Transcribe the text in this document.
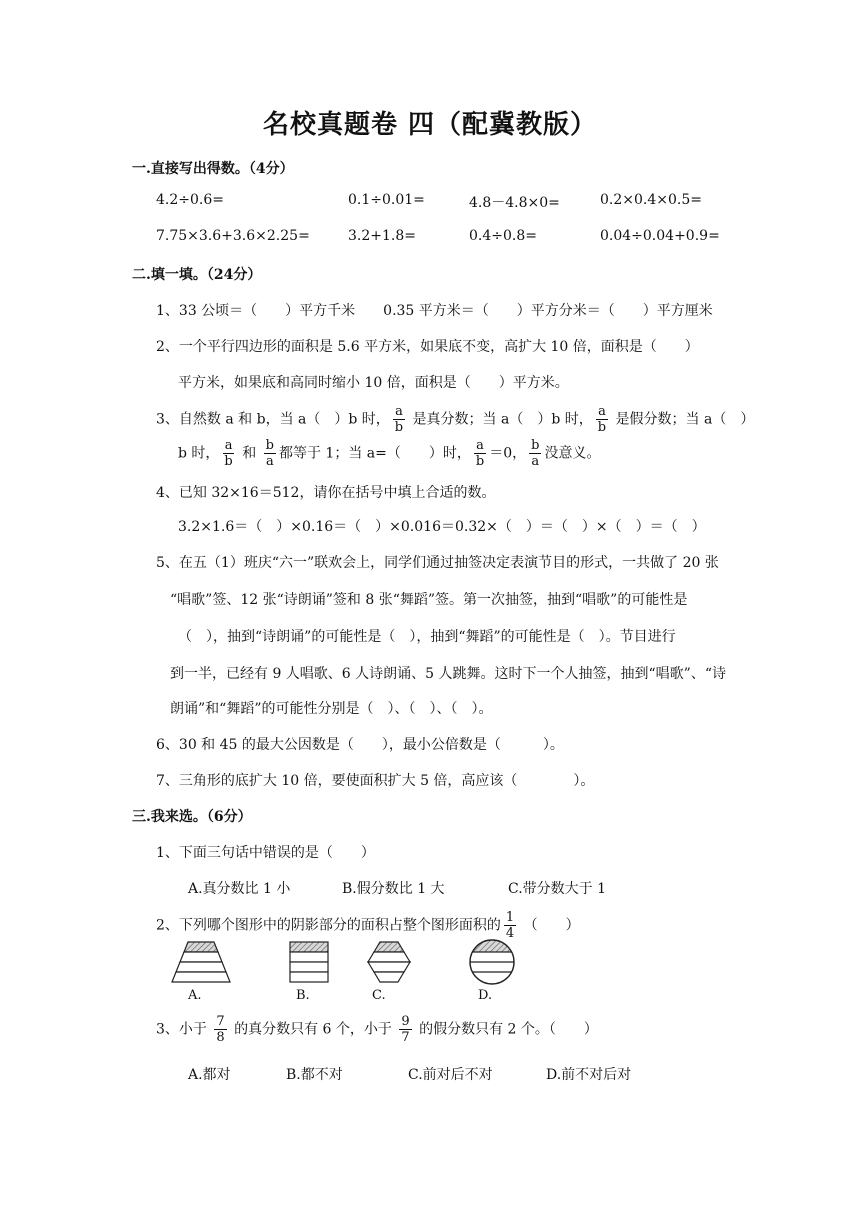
名校真题卷 四（配冀教版）
一.直接写出得数。（4分）
4.2÷0.6=	0.1÷0.01=	4.8－4.8×0=	0.2×0.4×0.5=
7.75×3.6+3.6×2.25=	3.2+1.8=	0.4÷0.8=	0.04÷0.04+0.9=
二.填一填。（24分）
1、33 公顷＝（　　）平方千米　　0.35 平方米＝（　　）平方分米＝（　　）平方厘米
2、一个平行四边形的面积是 5.6 平方米，如果底不变，高扩大 10 倍，面积是（　　）
平方米，如果底和高同时缩小 10 倍，面积是（　　）平方米。
3、自然数 a 和 b，当 a（　）b 时， $\frac{a}{b}$ 是真分数；当 a（　）b 时， $\frac{a}{b}$ 是假分数；当 a（　）
b 时， $\frac{a}{b}$ 和 $\frac{b}{a}$ 都等于 1；当 a=（　　）时， $\frac{a}{b} =0$， $\frac{b}{a}$ 没意义。
4、已知 32×16＝512，请你在括号中填上合适的数。
3.2×1.6＝（　）×0.16＝（　）×0.016＝0.32×（　）＝（　）×（　）＝（　）
5、在五（1）班庆“六一”联欢会上，同学们通过抽签决定表演节目的形式，一共做了 20 张
“唱歌”签、12 张“诗朗诵”签和 8 张“舞蹈”签。第一次抽签，抽到“唱歌”的可能性是
（　），抽到“诗朗诵”的可能性是（　），抽到“舞蹈”的可能性是（　）。节目进行
到一半，已经有 9 人唱歌、6 人诗朗诵、5 人跳舞。这时下一个人抽签，抽到“唱歌”、“诗
朗诵”和“舞蹈”的可能性分别是（　）、（　）、（　）。
6、30 和 45 的最大公因数是（　　），最小公倍数是（　　　）。
7、三角形的底扩大 10 倍，要使面积扩大 5 倍，高应该（　　　　）。
三.我来选。（6分）
1、下面三句话中错误的是（　　）
A.真分数比 1 小	B.假分数比 1 大	C.带分数大于 1
2、下列哪个图形中的阴影部分的面积占整个图形面积的 $\frac{1}{4}$ （　　）
A.	B.	C.	D.
3、小于 $\frac{7}{8}$ 的真分数只有 6 个，小于 $\frac{9}{7}$ 的假分数只有 2 个。（　　）
A.都对	B.都不对	C.前对后不对	D.前不对后对
